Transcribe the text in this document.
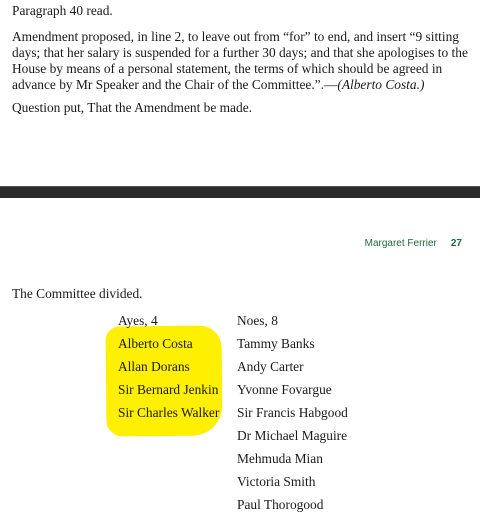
Paragraph 40 read.

Amendment proposed, in line 2, to leave out from “for” to end, and insert “9 sitting days; that her salary is suspended for a further 30 days; and that she apologises to the House by means of a personal statement, the terms of which should be agreed in advance by Mr Speaker and the Chair of the Committee.”.—(Alberto Costa.)

Question put, That the Amendment be made.

Margaret Ferrier 27

The Committee divided.

Ayes, 4
Alberto Costa
Allan Dorans
Sir Bernard Jenkin
Sir Charles Walker
Noes, 8
Tammy Banks
Andy Carter
Yvonne Fovargue
Sir Francis Habgood
Dr Michael Maguire
Mehmuda Mian
Victoria Smith
Paul Thorogood
